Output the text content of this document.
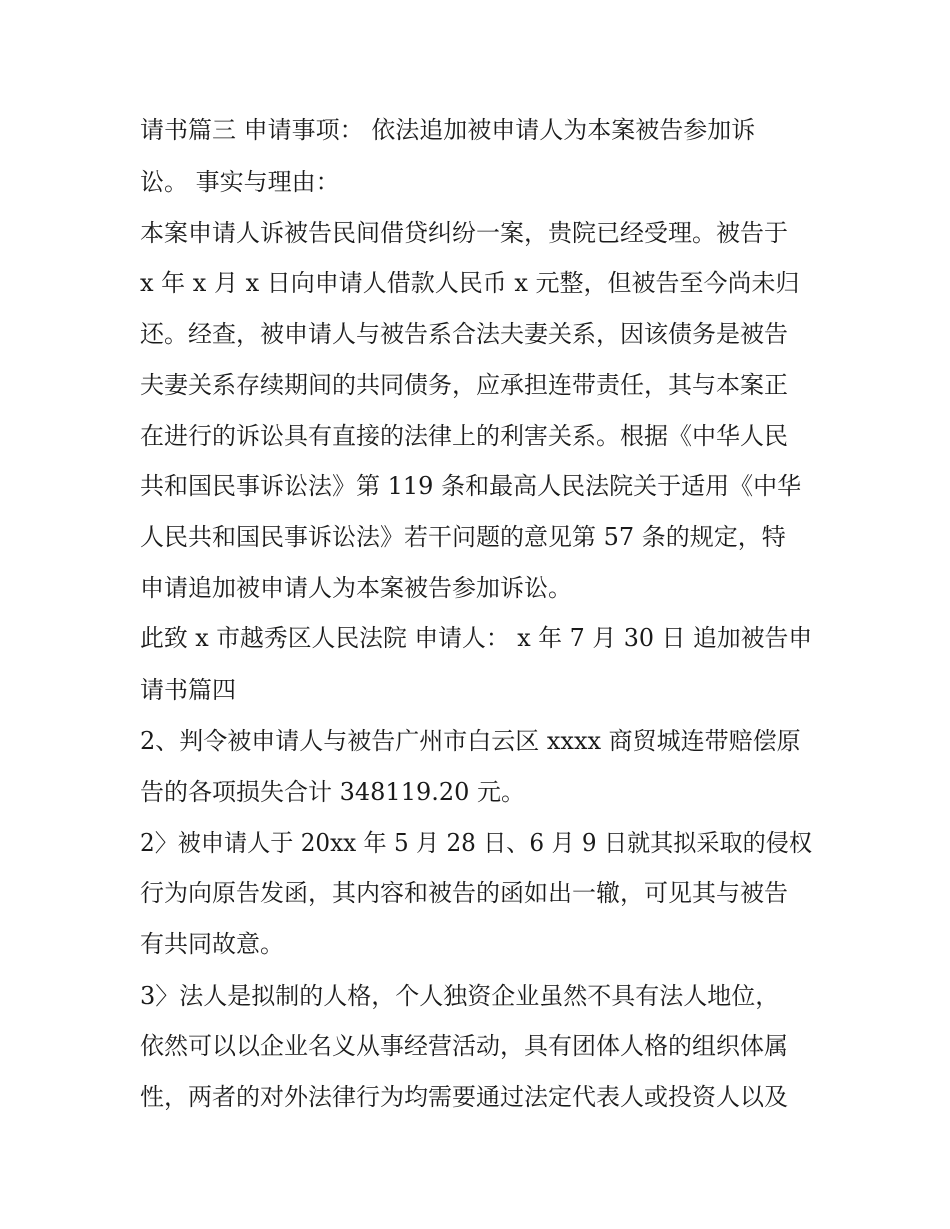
请书篇三 申请事项： 依法追加被申请人为本案被告参加诉
讼。 事实与理由：
本案申请人诉被告民间借贷纠纷一案，贵院已经受理。被告于
x 年 x 月 x 日向申请人借款人民币 x 元整，但被告至今尚未归
还。经查，被申请人与被告系合法夫妻关系，因该债务是被告
夫妻关系存续期间的共同债务，应承担连带责任，其与本案正
在进行的诉讼具有直接的法律上的利害关系。根据《中华人民
共和国民事诉讼法》第 119 条和最高人民法院关于适用《中华
人民共和国民事诉讼法》若干问题的意见第 57 条的规定，特
申请追加被申请人为本案被告参加诉讼。
此致 x 市越秀区人民法院 申请人： x 年 7 月 30 日 追加被告申
请书篇四
2、判令被申请人与被告广州市白云区 xxxx 商贸城连带赔偿原
告的各项损失合计 348119.20 元。
2〉被申请人于 20xx 年 5 月 28 日、6 月 9 日就其拟采取的侵权
行为向原告发函，其内容和被告的函如出一辙，可见其与被告
有共同故意。
3〉法人是拟制的人格，个人独资企业虽然不具有法人地位，
依然可以以企业名义从事经营活动，具有团体人格的组织体属
性，两者的对外法律行为均需要通过法定代表人或投资人以及
